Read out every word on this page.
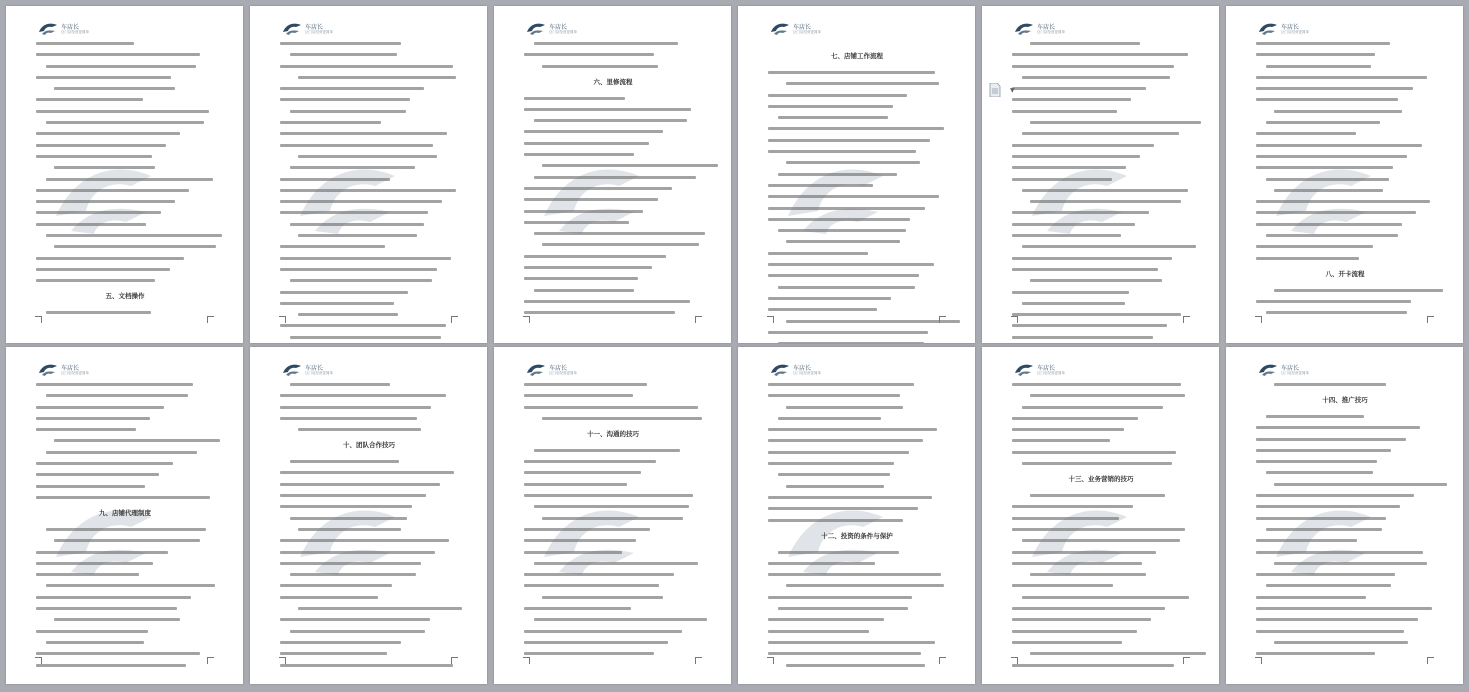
车店长
让门店经营更简单
五、文档操作
车店长
让门店经营更简单
车店长
让门店经营更简单
六、里修流程
车店长
让门店经营更简单
七、店铺工作流程
车店长
让门店经营更简单
车店长
让门店经营更简单
八、开卡流程
车店长
让门店经营更简单
九、店铺代理制度
车店长
让门店经营更简单
十、团队合作技巧
车店长
让门店经营更简单
十一、沟通的技巧
车店长
让门店经营更简单
十二、投资的条件与保护
车店长
让门店经营更简单
十三、业务营销的技巧
车店长
让门店经营更简单
十四、推广技巧
▼
